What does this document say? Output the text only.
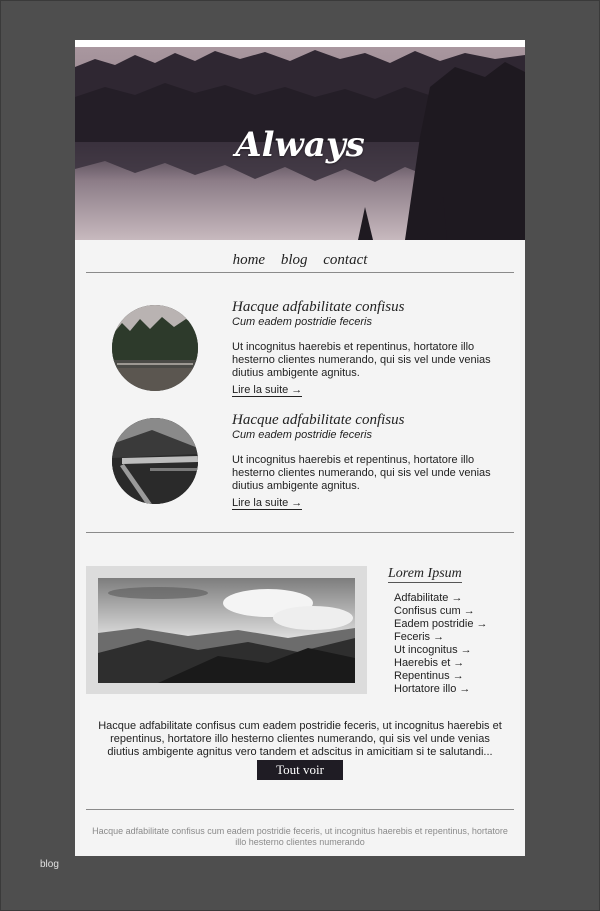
Always
home blog contact

Hacque adfabilitate confisus

Cum eadem postridie feceris

Ut incognitus haerebis et repentinus, hortatore illo hesterno clientes numerando, qui sis vel unde venias diutius ambigente agnitus.

Lire la suite →

Hacque adfabilitate confisus

Cum eadem postridie feceris

Ut incognitus haerebis et repentinus, hortatore illo hesterno clientes numerando, qui sis vel unde venias diutius ambigente agnitus.

Lire la suite →

Lorem Ipsum

Adfabilitate →
Confisus cum →
Eadem postridie →
Feceris →
Ut incognitus →
Haerebis et →
Repentinus →
Hortatore illo →

Hacque adfabilitate confisus cum eadem postridie feceris, ut incognitus haerebis et repentinus, hortatore illo hesterno clientes numerando, qui sis vel unde venias diutius ambigente agnitus vero tandem et adscitus in amicitiam si te salutandi...

Tout voir

Hacque adfabilitate confisus cum eadem postridie feceris, ut incognitus haerebis et repentinus, hortatore illo hesterno clientes numerando

blog
